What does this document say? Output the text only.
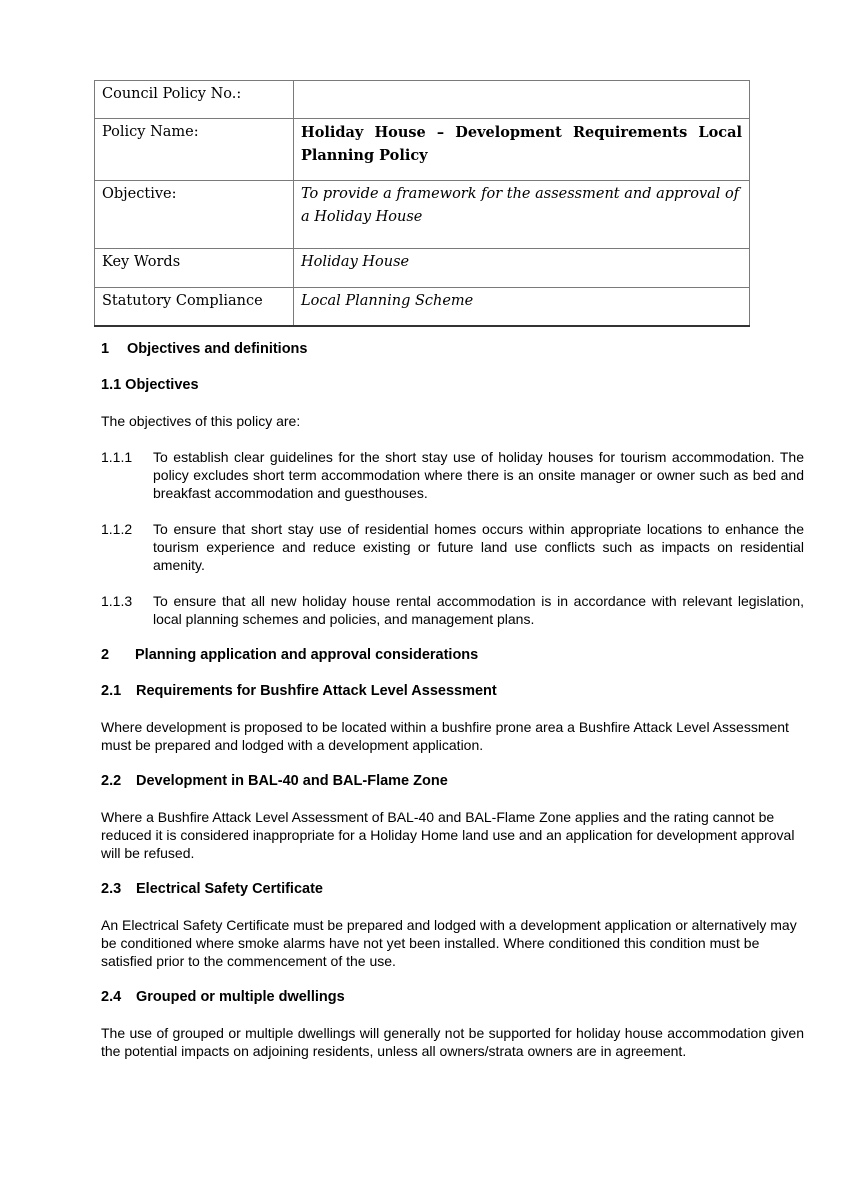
Council Policy No.:	
Policy Name:	Holiday House – Development Requirements Local Planning Policy
Objective:	To provide a framework for the assessment and approval of a Holiday House
Key Words	Holiday House
Statutory Compliance	Local Planning Scheme
1	Objectives and definitions
1.1 Objectives
The objectives of this policy are:
1.1.1	To establish clear guidelines for the short stay use of holiday houses for tourism accommodation. The policy excludes short term accommodation where there is an onsite manager or owner such as bed and breakfast accommodation and guesthouses.
1.1.2	To ensure that short stay use of residential homes occurs within appropriate locations to enhance the tourism experience and reduce existing or future land use conflicts such as impacts on residential amenity.
1.1.3	To ensure that all new holiday house rental accommodation is in accordance with relevant legislation, local planning schemes and policies, and management plans.
2	Planning application and approval considerations
2.1	Requirements for Bushfire Attack Level Assessment
Where development is proposed to be located within a bushfire prone area a Bushfire Attack Level Assessment must be prepared and lodged with a development application.
2.2	Development in BAL-40 and BAL-Flame Zone
Where a Bushfire Attack Level Assessment of BAL-40 and BAL-Flame Zone applies and the rating cannot be reduced it is considered inappropriate for a Holiday Home land use and an application for development approval will be refused.
2.3	Electrical Safety Certificate
An Electrical Safety Certificate must be prepared and lodged with a development application or alternatively may be conditioned where smoke alarms have not yet been installed. Where conditioned this condition must be satisfied prior to the commencement of the use.
2.4	Grouped or multiple dwellings
The use of grouped or multiple dwellings will generally not be supported for holiday house accommodation given the potential impacts on adjoining residents, unless all owners/strata owners are in agreement.
